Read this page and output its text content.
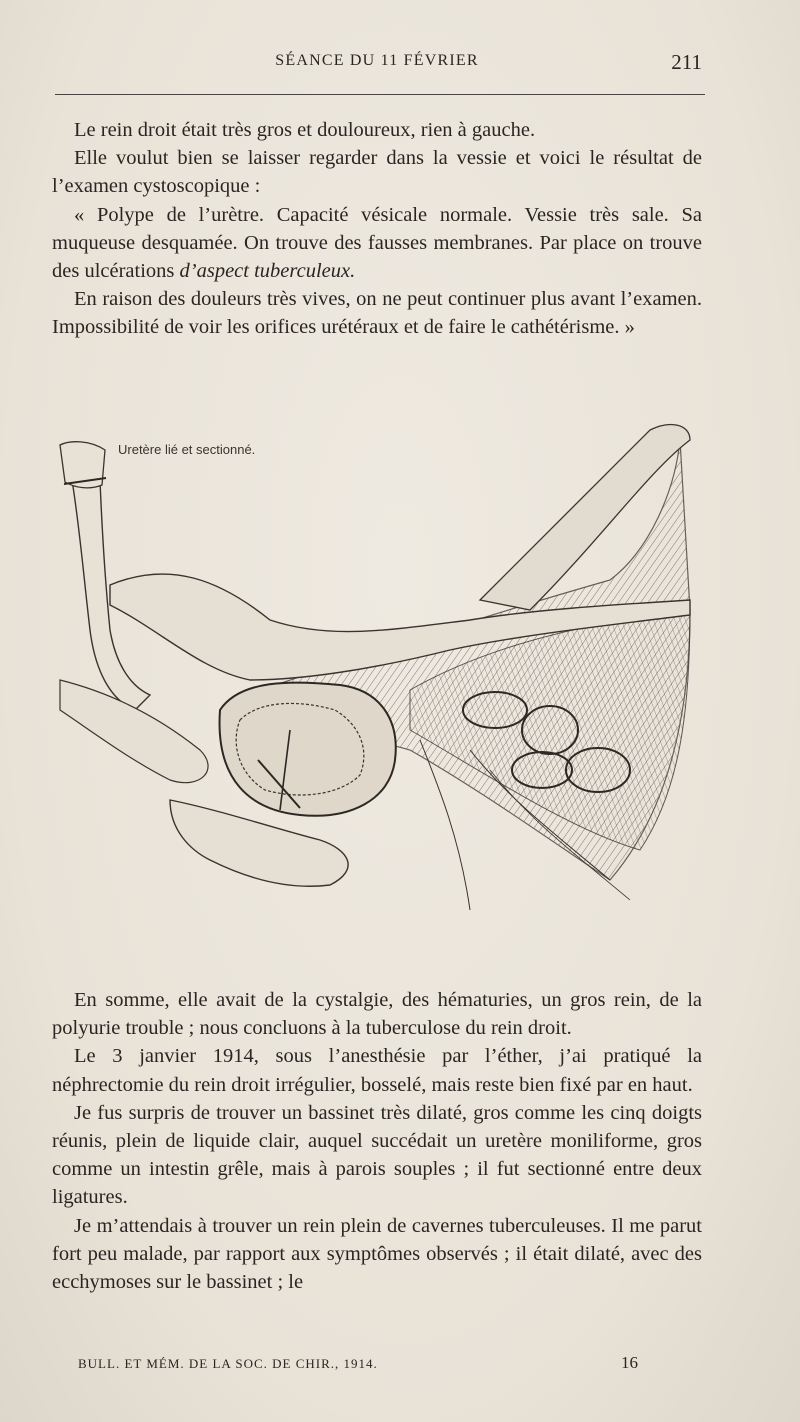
SÉANCE DU 11 FÉVRIER	211

Le rein droit était très gros et douloureux, rien à gauche.

Elle voulut bien se laisser regarder dans la vessie et voici le résultat de l’examen cystoscopique :

« Polype de l’urètre. Capacité vésicale normale. Vessie très sale. Sa muqueuse desquamée. On trouve des fausses membranes. Par place on trouve des ulcérations d’aspect tuberculeux.

En raison des douleurs très vives, on ne peut continuer plus avant l’examen. Impossibilité de voir les orifices urétéraux et de faire le cathétérisme. »

Uretère lié et sectionné.

En somme, elle avait de la cystalgie, des hématuries, un gros rein, de la polyurie trouble ; nous concluons à la tuberculose du rein droit.

Le 3 janvier 1914, sous l’anesthésie par l’éther, j’ai pratiqué la néphrectomie du rein droit irrégulier, bosselé, mais reste bien fixé par en haut.

Je fus surpris de trouver un bassinet très dilaté, gros comme les cinq doigts réunis, plein de liquide clair, auquel succédait un uretère moniliforme, gros comme un intestin grêle, mais à parois souples ; il fut sectionné entre deux ligatures.

Je m’attendais à trouver un rein plein de cavernes tuberculeuses. Il me parut fort peu malade, par rapport aux symptômes observés ; il était dilaté, avec des ecchymoses sur le bassinet ; le

BULL. ET MÉM. DE LA SOC. DE CHIR., 1914.	16
